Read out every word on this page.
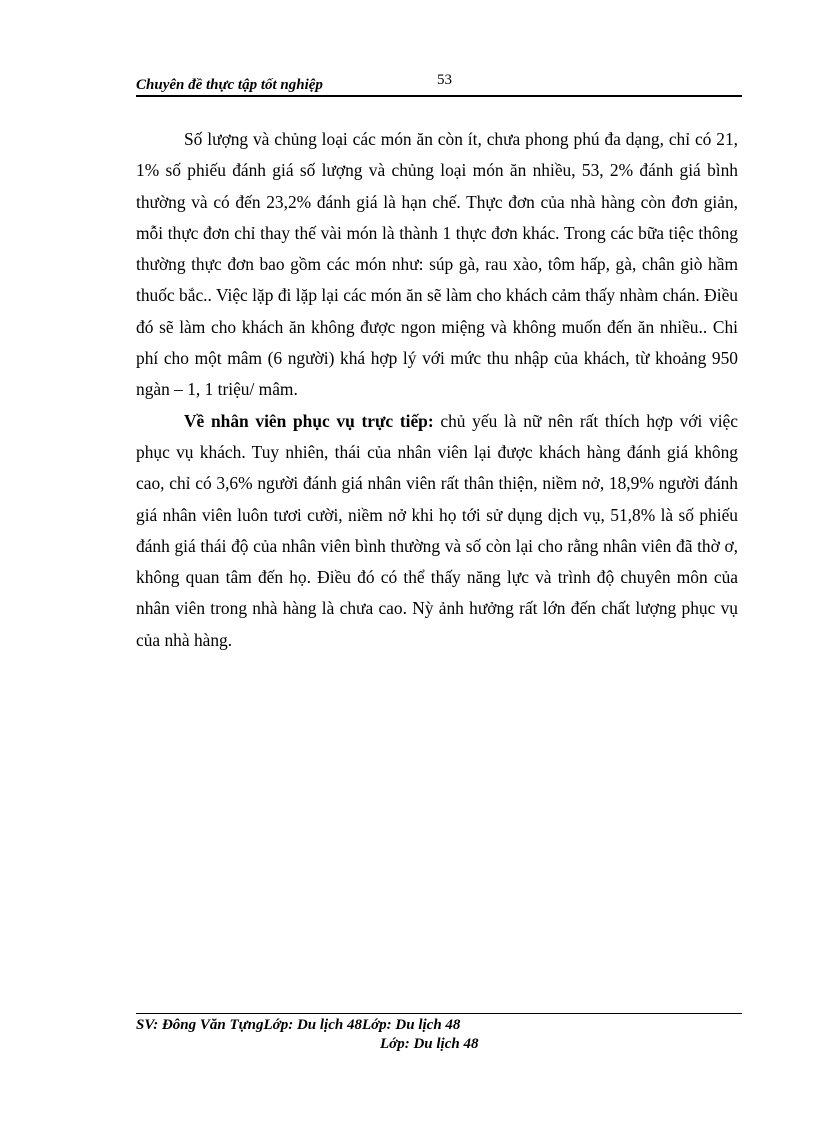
Chuyên đề thực tập tốt nghiệp	53

Số lượng và chủng loại các món ăn còn ít, chưa phong phú đa dạng, chỉ có 21, 1% số phiếu đánh giá số lượng và chủng loại món ăn nhiều, 53, 2% đánh giá bình thường và có đến 23,2% đánh giá là hạn chế. Thực đơn của nhà hàng còn đơn giản, mỗi thực đơn chỉ thay thế vài món là thành 1 thực đơn khác. Trong các bữa tiệc thông thường thực đơn bao gồm các món như: súp gà, rau xào, tôm hấp, gà, chân giò hầm thuốc bắc.. Việc lặp đi lặp lại các món ăn sẽ làm cho khách cảm thấy nhàm chán. Điều đó sẽ làm cho khách ăn không được ngon miệng và không muốn đến ăn nhiều.. Chi phí cho một mâm (6 người) khá hợp lý với mức thu nhập của khách, từ khoảng 950 ngàn – 1, 1 triệu/ mâm.

Về nhân viên phục vụ trực tiếp: chủ yếu là nữ nên rất thích hợp với việc phục vụ khách. Tuy nhiên, thái của nhân viên lại được khách hàng đánh giá không cao, chỉ có 3,6% người đánh giá nhân viên rất thân thiện, niềm nở, 18,9% người đánh giá nhân viên luôn tươi cười, niềm nở khi họ tới sử dụng dịch vụ, 51,8% là số phiếu đánh giá thái độ của nhân viên bình thường và số còn lại cho rằng nhân viên đã thờ ơ, không quan tâm đến họ. Điều đó có thể thấy năng lực và trình độ chuyên môn của nhân viên trong nhà hàng là chưa cao. Nỳ ảnh hưởng rất lớn đến chất lượng phục vụ của nhà hàng.

SV: Đông Văn TựngLớp: Du lịch 48Lớp: Du lịch 48
Lớp: Du lịch 48
